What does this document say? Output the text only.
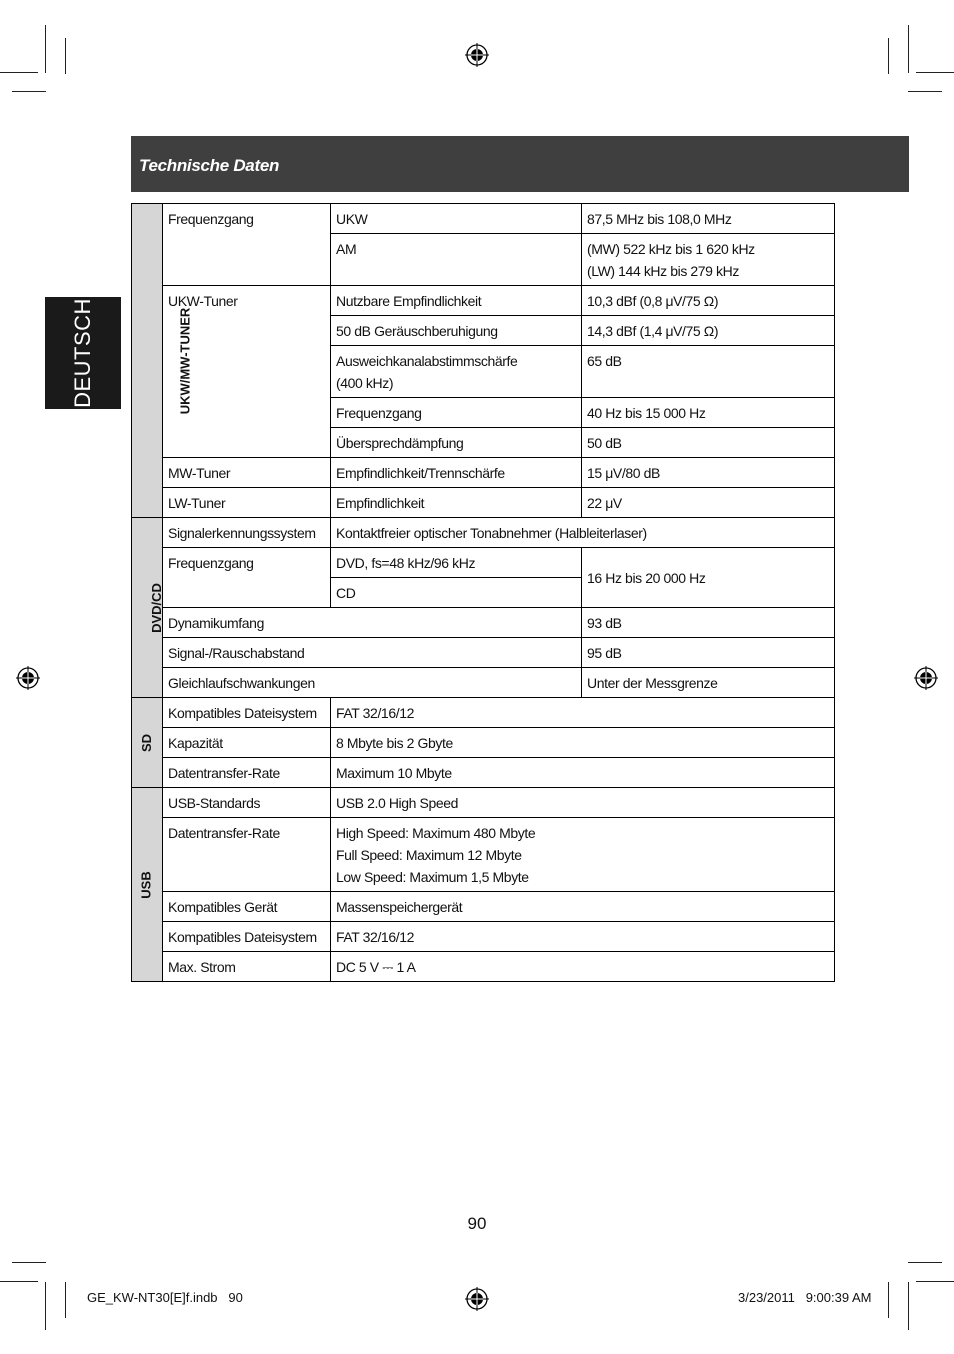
Technische Daten
DEUTSCH	UKW/MW-TUNER	Frequenzgang	UKW	87,5 MHz bis 108,0 MHz
		AM	(MW) 522 kHz bis 1 620 kHz
(LW) 144 kHz bis 279 kHz

	UKW-Tuner	Nutzbare Empfindlichkeit	10,3 dBf (0,8 μV/75 Ω)
		50 dB Geräuschberuhigung	14,3 dBf (1,4 μV/75 Ω)

		Ausweichkanalabstimmschärfe
(400 kHz)	65 dB
		Frequenzgang	40 Hz bis 15 000 Hz
		Übersprechdämpfung	50 dB
	MW-Tuner	Empfindlichkeit/Trennschärfe	15 μV/80 dB
	LW-Tuner	Empfindlichkeit	22 μV
DVD/CD	Signalerkennungssystem	Kontaktfreier optischer Tonabnehmer (Halbleiterlaser)	
	Frequenzgang	DVD, fs=48 kHz/96 kHz	16 Hz bis 20 000 Hz
		CD	
	Dynamikumfang		93 dB
	Signal-/Rauschabstand		95 dB
	Gleichlaufschwankungen		Unter der Messgrenze
SD	Kompatibles Dateisystem	FAT 32/16/12	
	Kapazität	8 Mbyte bis 2 Gbyte	
	Datentransfer-Rate	Maximum 10 Mbyte	
USB	USB-Standards	USB 2.0 High Speed	
	Datentransfer-Rate	High Speed: Maximum 480 Mbyte
Full Speed: Maximum 12 Mbyte
Low Speed: Maximum 1,5 Mbyte	

	Kompatibles Gerät	Massenspeichergerät	
	Kompatibles Dateisystem	FAT 32/16/12	
	Max. Strom	DC 5 V ⎓ 1 A	
90
GE_KW-NT30[E]f.indb   90	3/23/2011   9:00:39 AM
